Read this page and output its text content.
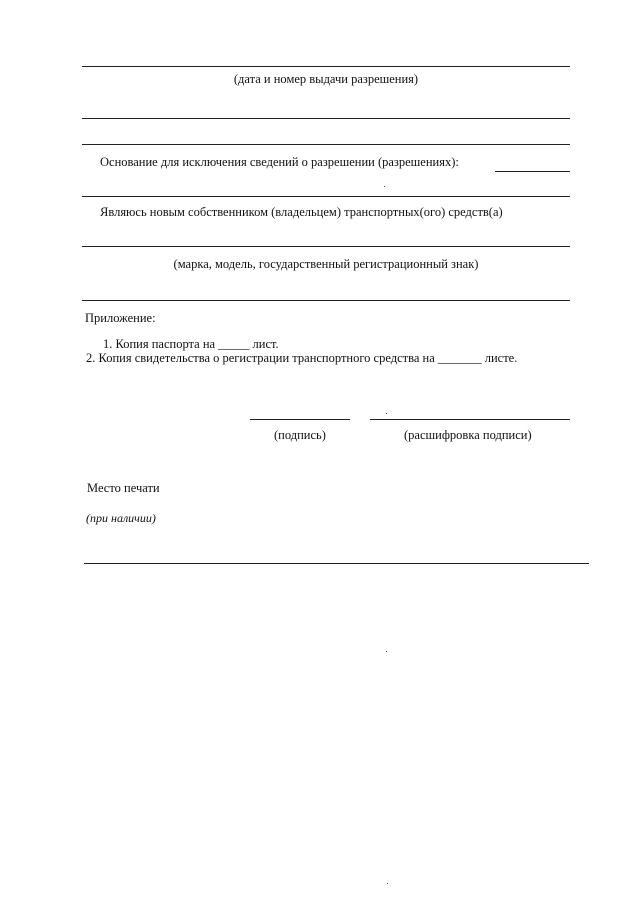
(дата и номер выдачи разрешения)
Основание для исключения сведений о разрешении (разрешениях):
Являюсь новым собственником (владельцем) транспортных(ого) средств(а)
(марка, модель, государственный регистрационный знак)
Приложение:
1. Копия паспорта на _____ лист.
2. Копия свидетельства о регистрации транспортного средства на _______ листе.
(подпись)	(расшифровка подписи)
Место печати
(при наличии)
